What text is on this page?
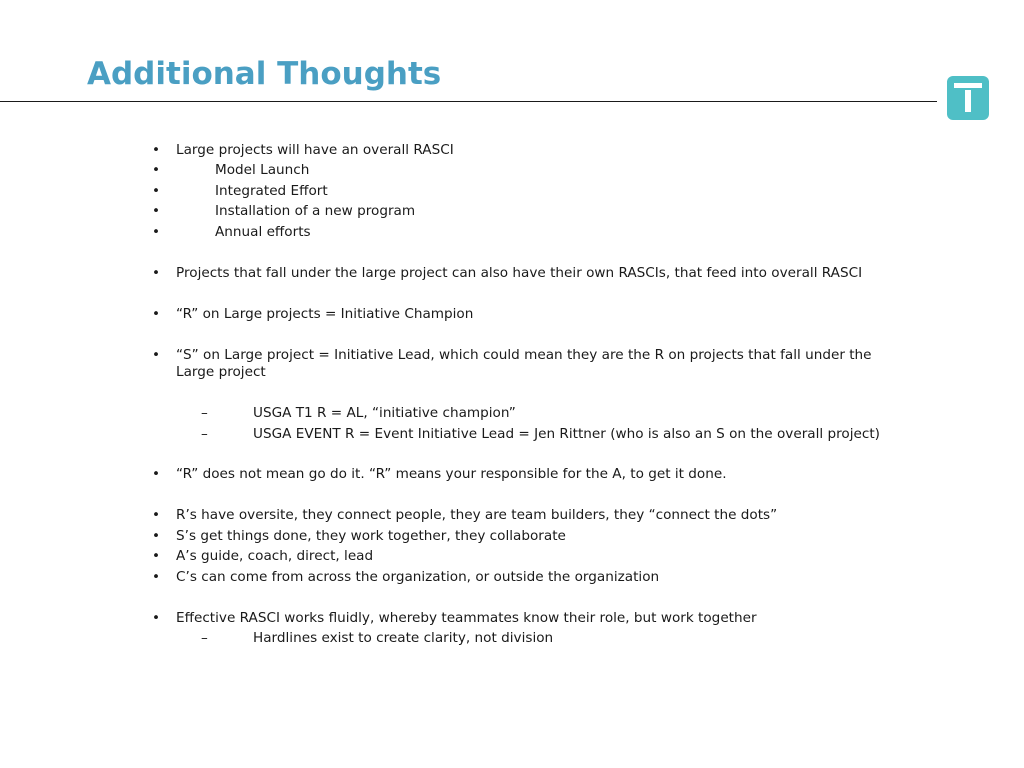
Additional Thoughts
• Large projects will have an overall RASCI
•	Model Launch
•	Integrated Effort
•	Installation of a new program
•	Annual efforts
• Projects that fall under the large project can also have their own RASCIs, that feed into overall RASCI
• “R” on Large projects = Initiative Champion
• “S” on Large project = Initiative Lead, which could mean they are the R on projects that fall under the
Large project
–	USGA T1 R = AL, “initiative champion”
–	USGA EVENT R = Event Initiative Lead = Jen Rittner (who is also an S on the overall project)
• “R” does not mean go do it. “R” means your responsible for the A, to get it done.
• R’s have oversite, they connect people, they are team builders, they “connect the dots”
• S’s get things done, they work together, they collaborate
• A’s guide, coach, direct, lead
• C’s can come from across the organization, or outside the organization
• Effective RASCI works fluidly, whereby teammates know their role, but work together
–	Hardlines exist to create clarity, not division
